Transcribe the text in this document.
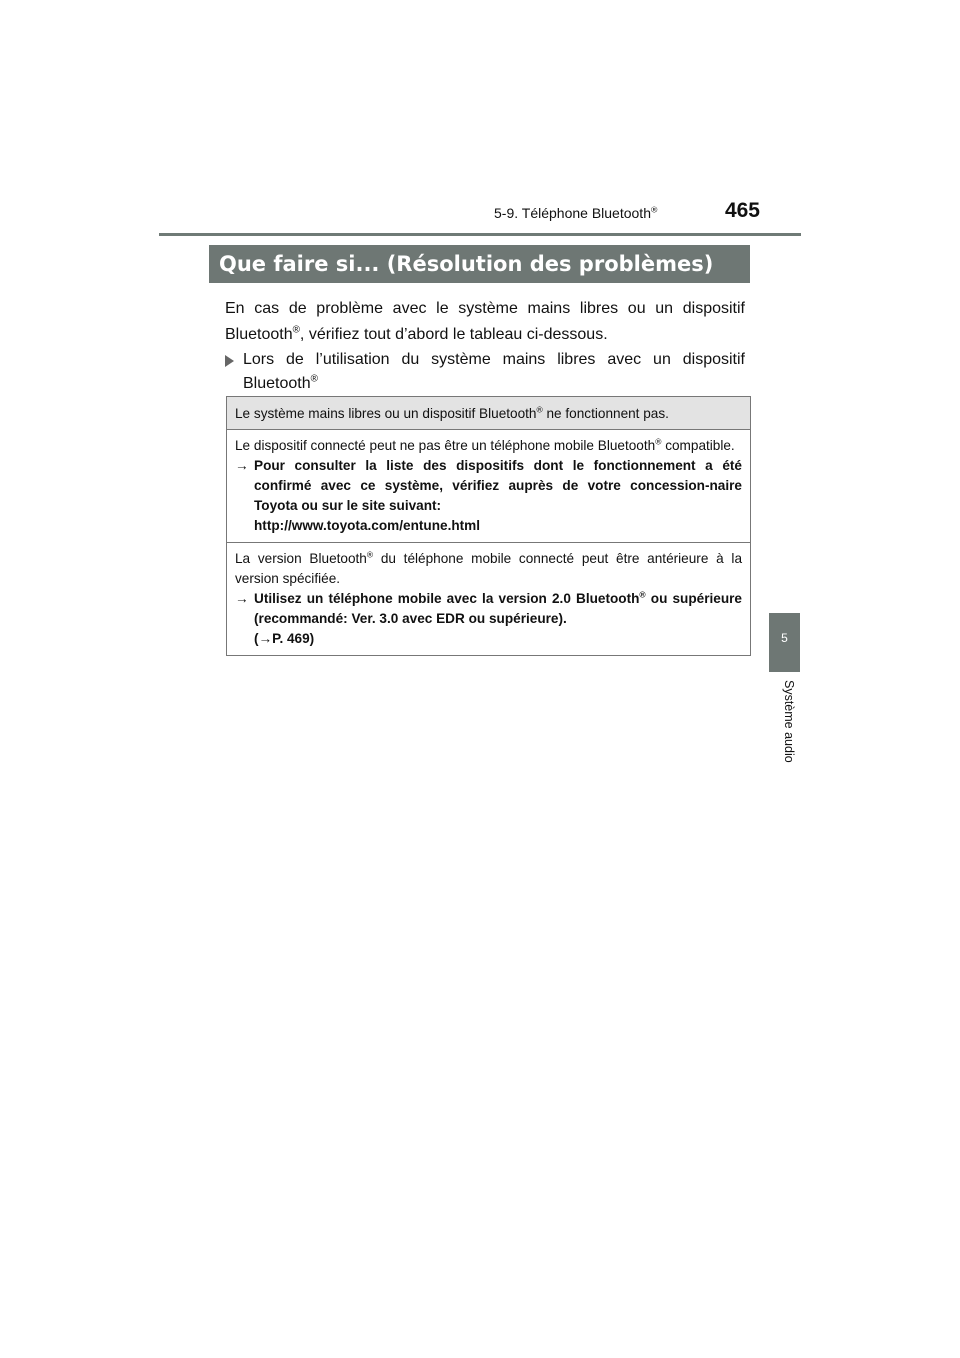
5-9. Téléphone Bluetooth®	465
5
Système audio
Que faire si... (Résolution des problèmes)

En cas de problème avec le système mains libres ou un dispositif Bluetooth®, vérifiez tout d’abord le tableau ci-dessous.

Lors de l’utilisation du système mains libres avec un dispositif Bluetooth®

Le système mains libres ou un dispositif Bluetooth® ne fonctionnent pas.
Le dispositif connecté peut ne pas être un téléphone mobile Bluetooth® compatible.
→ Pour consulter la liste des dispositifs dont le fonctionnement a été confirmé avec ce système, vérifiez auprès de votre concession-naire Toyota ou sur le site suivant:
http://www.toyota.com/entune.html
La version Bluetooth® du téléphone mobile connecté peut être antérieure à la version spécifiée.
→ Utilisez un téléphone mobile avec la version 2.0 Bluetooth® ou supérieure (recommandé: Ver. 3.0 avec EDR ou supérieure).
(→P. 469)
